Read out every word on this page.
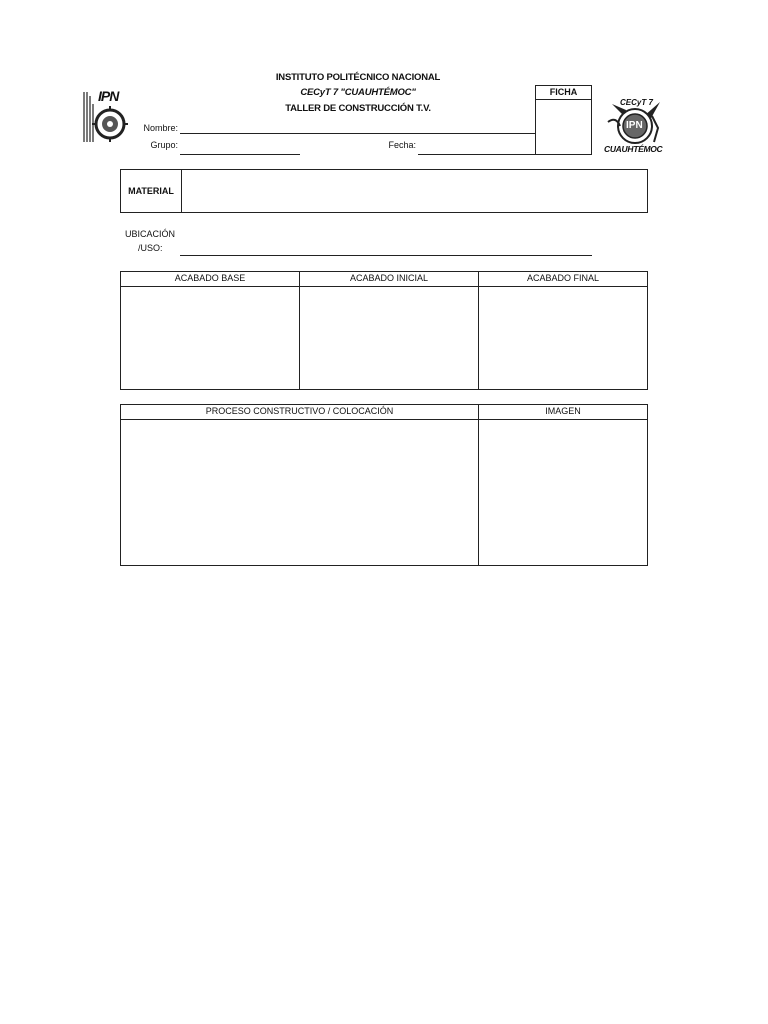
IPN
INSTITUTO POLITÉCNICO NACIONAL
CECyT 7 "CUAUHTÉMOC"
TALLER DE CONSTRUCCIÓN T.V.
FICHA
CECyT 7
IPN
CUAUHTÉMOC
Nombre:
Grupo:	Fecha:
MATERIAL
UBICACIÓN
/USO:
ACABADO BASE	ACABADO INICIAL	ACABADO FINAL
PROCESO CONSTRUCTIVO / COLOCACIÓN	IMAGEN
